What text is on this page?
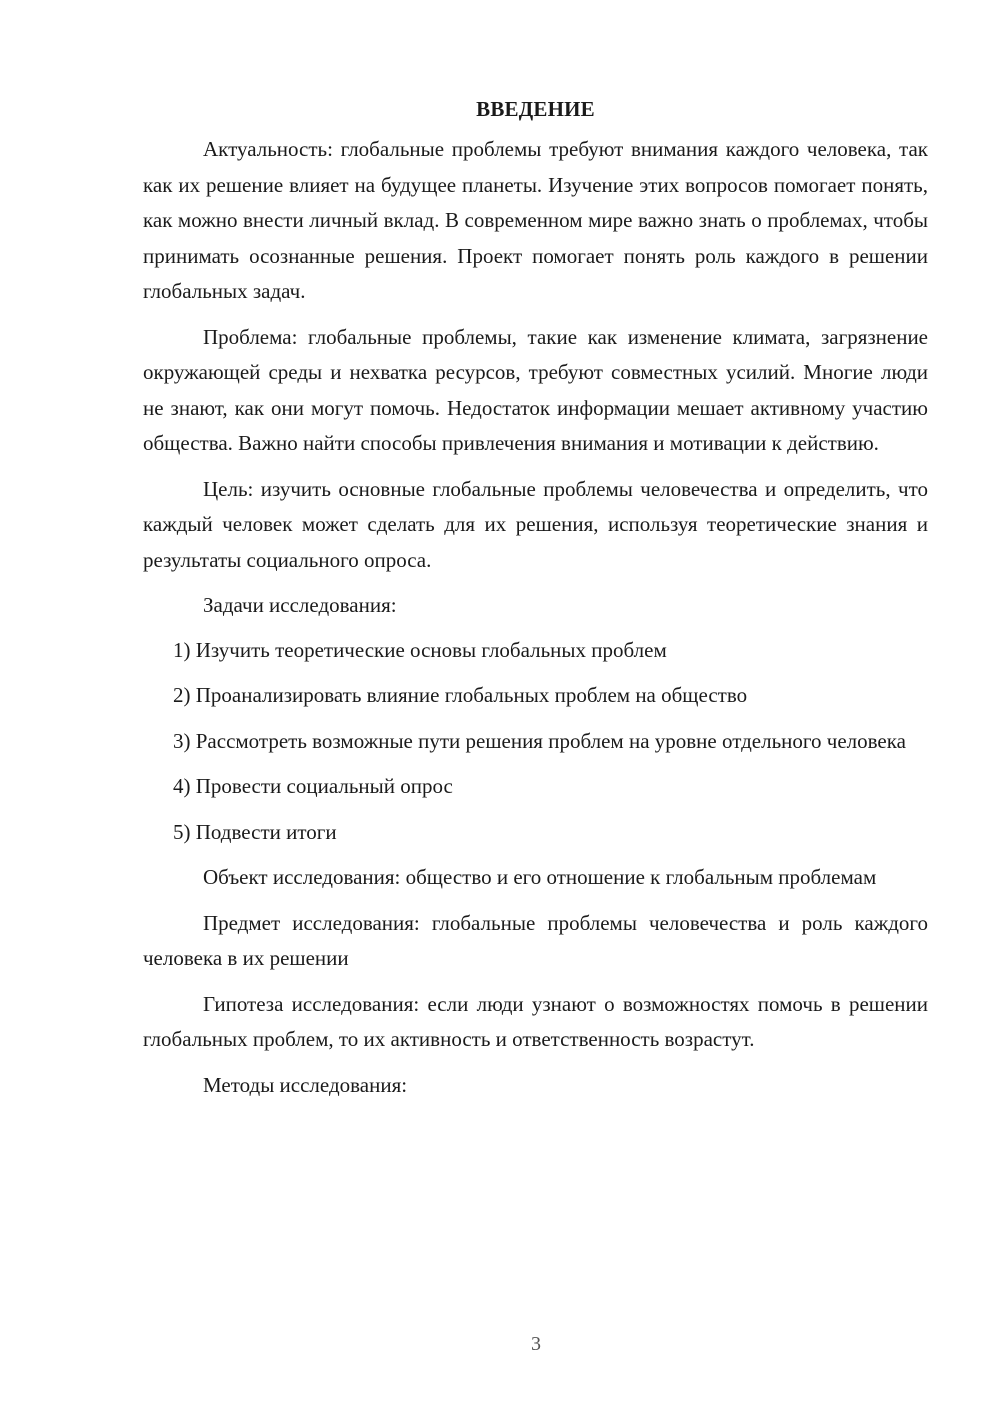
ВВЕДЕНИЕ

Актуальность: глобальные проблемы требуют внимания каждого человека, так как их решение влияет на будущее планеты. Изучение этих вопросов помогает понять, как можно внести личный вклад. В современном мире важно знать о проблемах, чтобы принимать осознанные решения. Проект помогает понять роль каждого в решении глобальных задач.

Проблема: глобальные проблемы, такие как изменение климата, загрязнение окружающей среды и нехватка ресурсов, требуют совместных усилий. Многие люди не знают, как они могут помочь. Недостаток информации мешает активному участию общества. Важно найти способы привлечения внимания и мотивации к действию.

Цель: изучить основные глобальные проблемы человечества и определить, что каждый человек может сделать для их решения, используя теоретические знания и результаты социального опроса.

Задачи исследования:

1) Изучить теоретические основы глобальных проблем

2) Проанализировать влияние глобальных проблем на общество

3) Рассмотреть возможные пути решения проблем на уровне отдельного человека

4) Провести социальный опрос

5) Подвести итоги

Объект исследования: общество и его отношение к глобальным проблемам

Предмет исследования: глобальные проблемы человечества и роль каждого человека в их решении

Гипотеза исследования: если люди узнают о возможностях помочь в решении глобальных проблем, то их активность и ответственность возрастут.

Методы исследования:

3
